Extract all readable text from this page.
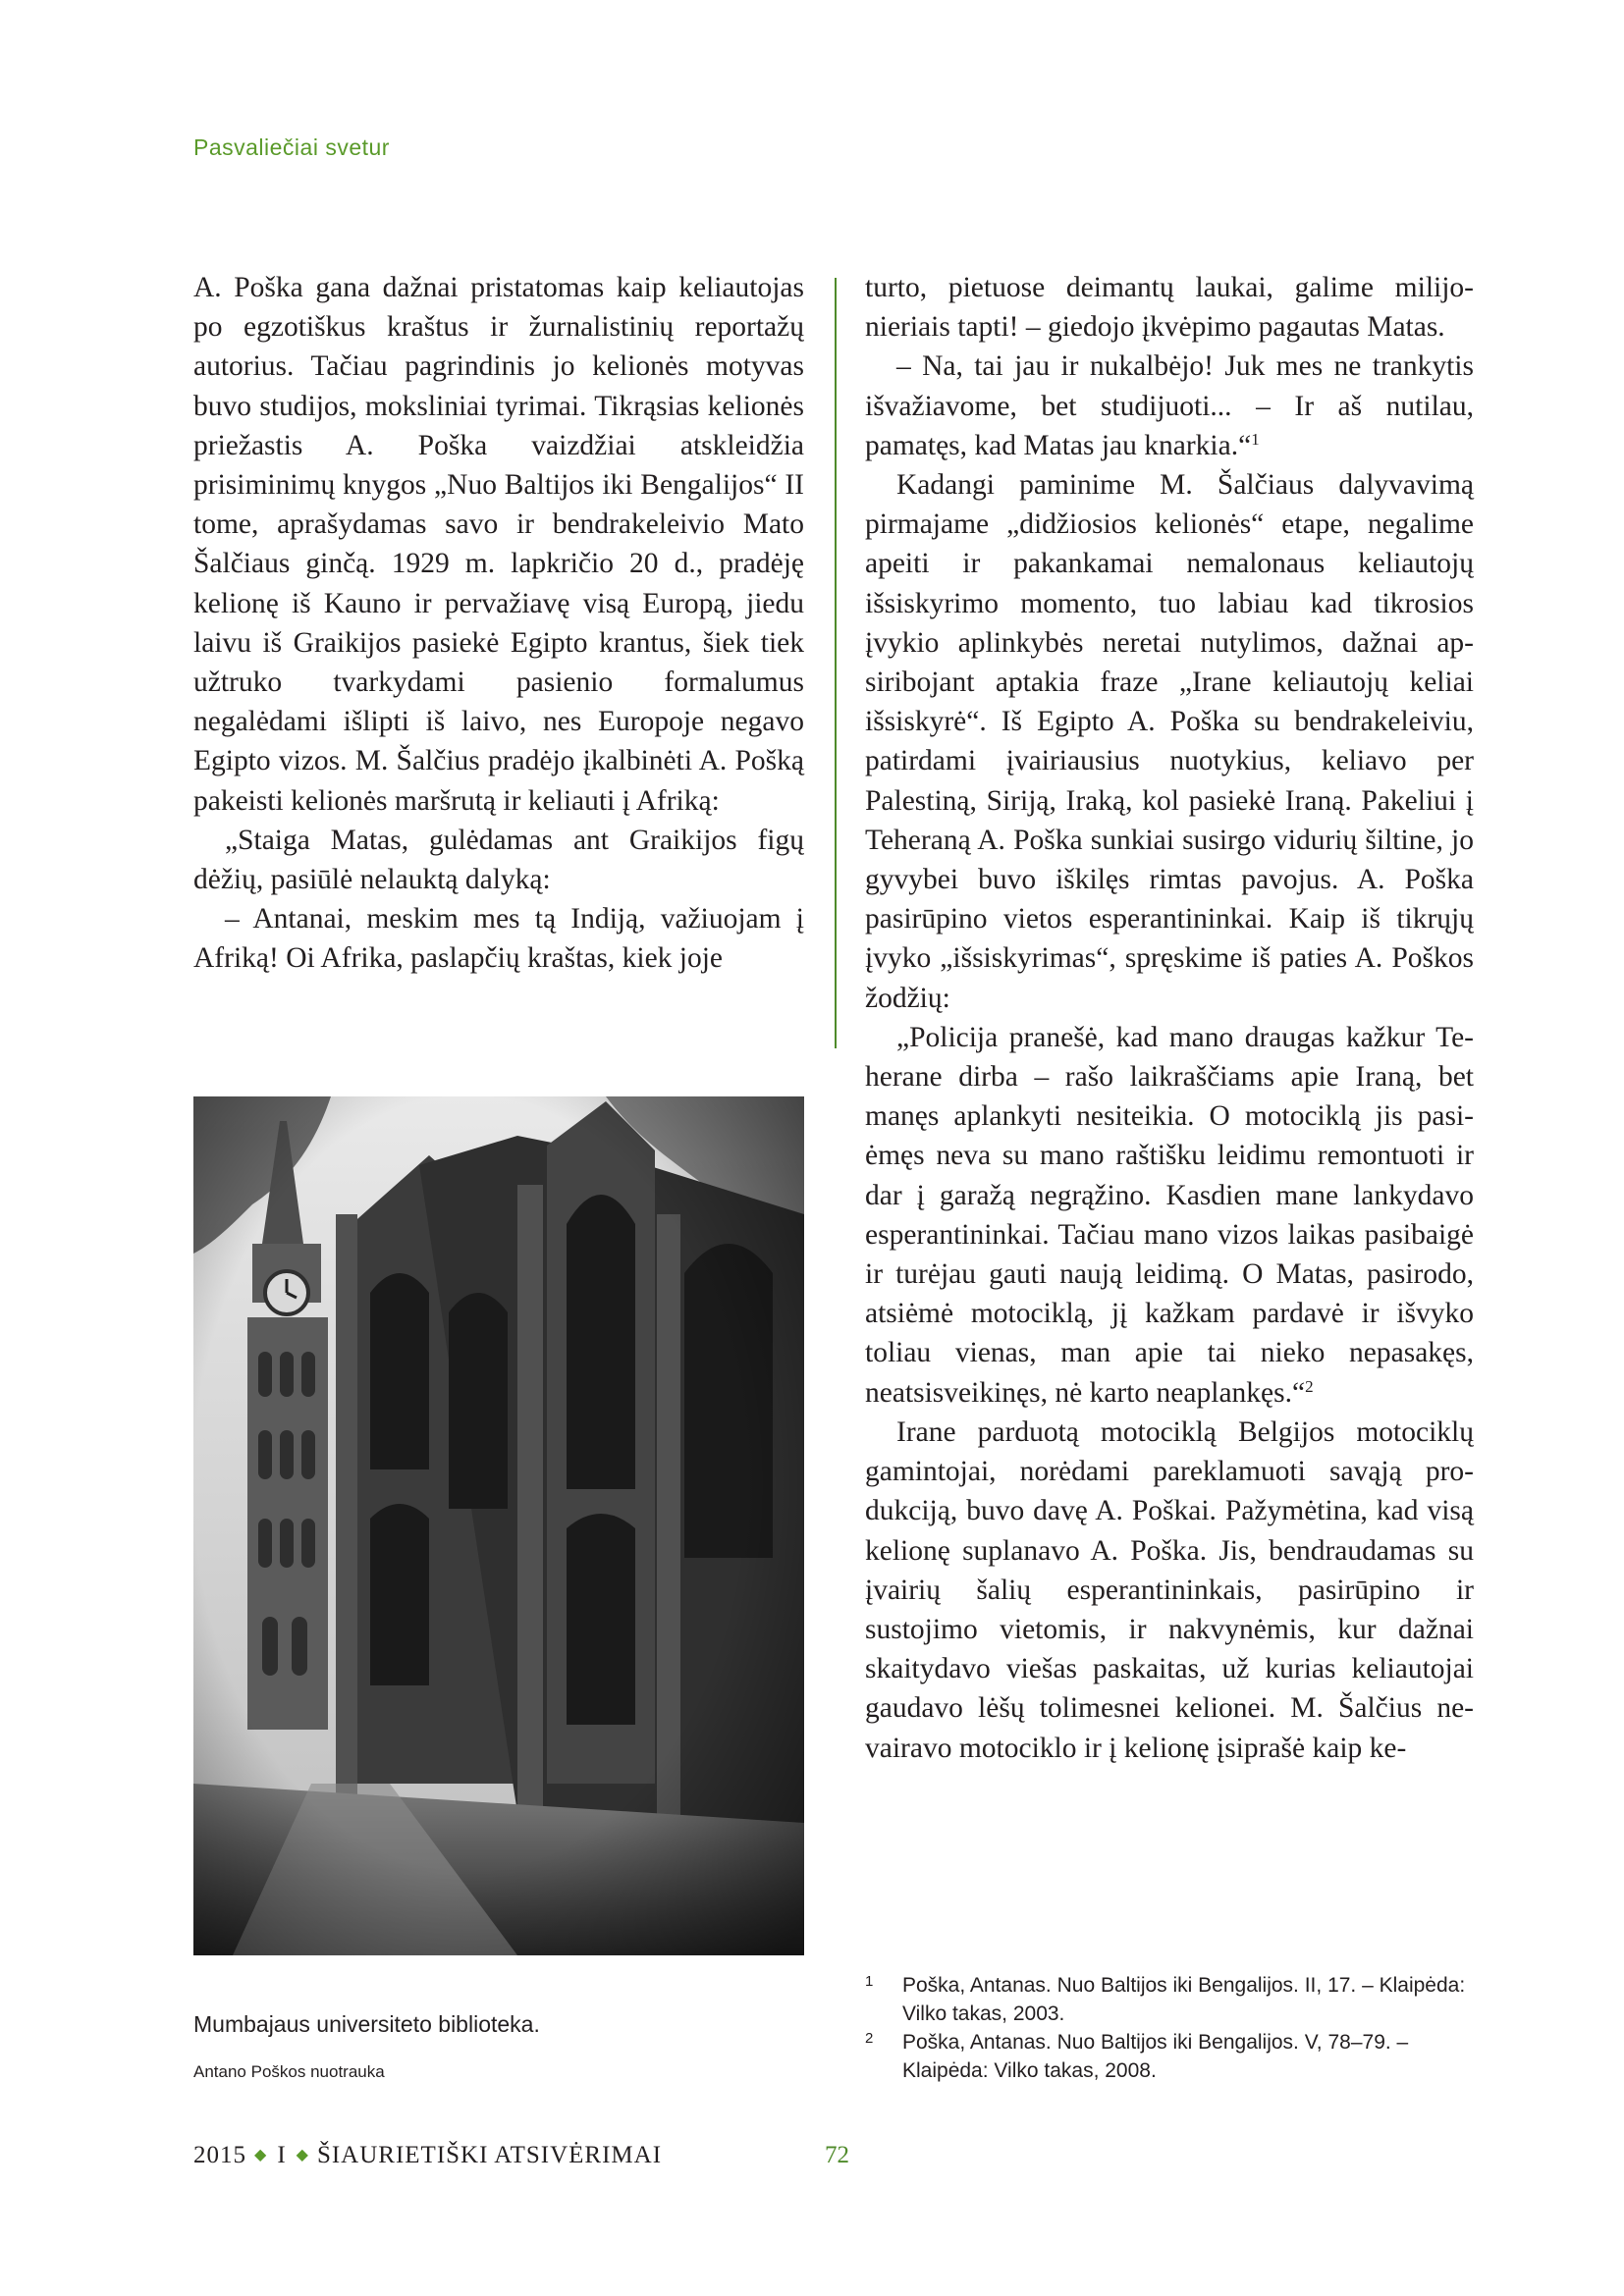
Pasvaliečiai svetur

A. Poška gana dažnai pristatomas kaip keliautojas po egzotiškus kraštus ir žurnalistinių reportažų autorius. Tačiau pagrindinis jo kelionės motyvas buvo studijos, moksliniai tyrimai. Tikrąsias kelionės priežastis A. Poška vaizdžiai atskleidžia prisiminimų knygos „Nuo Baltijos iki Bengalijos“ II tome, aprašydamas savo ir bendrakeleivio Mato Šalčiaus ginčą. 1929 m. lapkričio 20 d., pradėję kelionę iš Kauno ir pervažiavę visą Europą, jiedu laivu iš Graikijos pasiekė Egipto krantus, šiek tiek užtruko tvarkydami pasienio formalumus negalėdami išlipti iš laivo, nes Europoje negavo Egipto vizos. M. Šalčius pradėjo įkalbinėti A. Pošką pakeisti kelionės maršrutą ir keliauti į Afriką:

„Staiga Matas, gulėdamas ant Graikijos figų dėžių, pasiūlė nelauktą dalyką:

– Antanai, meskim mes tą Indiją, važiuojam į Afriką! Oi Afrika, paslapčių kraštas, kiek joje

turto, pietuose deimantų laukai, galime milijonieriais tapti! – giedojo įkvėpimo pagautas Matas.

– Na, tai jau ir nukalbėjo! Juk mes ne trankytis išvažiavome, bet studijuoti... – Ir aš nutilau, pamatęs, kad Matas jau knarkia.“$^1$

Kadangi paminime M. Šalčiaus dalyvavimą pirmajame „didžiosios kelionės“ etape, negalime apeiti ir pakankamai nemalonaus keliautojų išsiskyrimo momento, tuo labiau kad tikrosios įvykio aplinkybės neretai nutylimos, dažnai apsiribojant aptakia fraze „Irane keliautojų keliai išsiskyrė“. Iš Egipto A. Poška su bendrakeleiviu, patirdami įvairiausius nuotykius, keliavo per Palestiną, Siriją, Iraką, kol pasiekė Iraną. Pakeliui į Teheraną A. Poška sunkiai susirgo vidurių šiltine, jo gyvybei buvo iškilęs rimtas pavojus. A. Poška pasirūpino vietos esperantininkai. Kaip iš tikrųjų įvyko „išsiskyrimas“, spręskime iš paties A. Poškos žodžių:

„Policija pranešė, kad mano draugas kažkur Teherane dirba – rašo laikraščiams apie Iraną, bet manęs aplankyti nesiteikia. O motociklą jis pasiėmęs neva su mano raštišku leidimu remontuoti ir dar į garažą negrąžino. Kasdien mane lankydavo esperantininkai. Tačiau mano vizos laikas pasibaigė ir turėjau gauti naują leidimą. O Matas, pasirodo, atsiėmė motociklą, jį kažkam pardavė ir išvyko toliau vienas, man apie tai nieko nepasakęs, neatsisveikinęs, nė karto neaplankęs.“$^2$

Irane parduotą motociklą Belgijos motociklų gamintojai, norėdami pareklamuoti savąją produkciją, buvo davę A. Poškai. Pažymėtina, kad visą kelionę suplanavo A. Poška. Jis, bendraudamas su įvairių šalių esperantininkais, pasirūpino ir sustojimo vietomis, ir nakvynėmis, kur dažnai skaitydavo viešas paskaitas, už kurias keliautojai gaudavo lėšų tolimesnei kelionei. M. Šalčius nevairavo motociklo ir į kelionę įsiprašė kaip ke-

Mumbajaus universiteto biblioteka.
Antano Poškos nuotrauka
1 Poška, Antanas. Nuo Baltijos iki Bengalijos. II, 17. – Klaipėda: Vilko takas, 2003.
2 Poška, Antanas. Nuo Baltijos iki Bengalijos. V, 78–79. – Klaipėda: Vilko takas, 2008.
2015 ◆ I ◆ ŠIAURIETIŠKI ATSIVĖRIMAI	72
